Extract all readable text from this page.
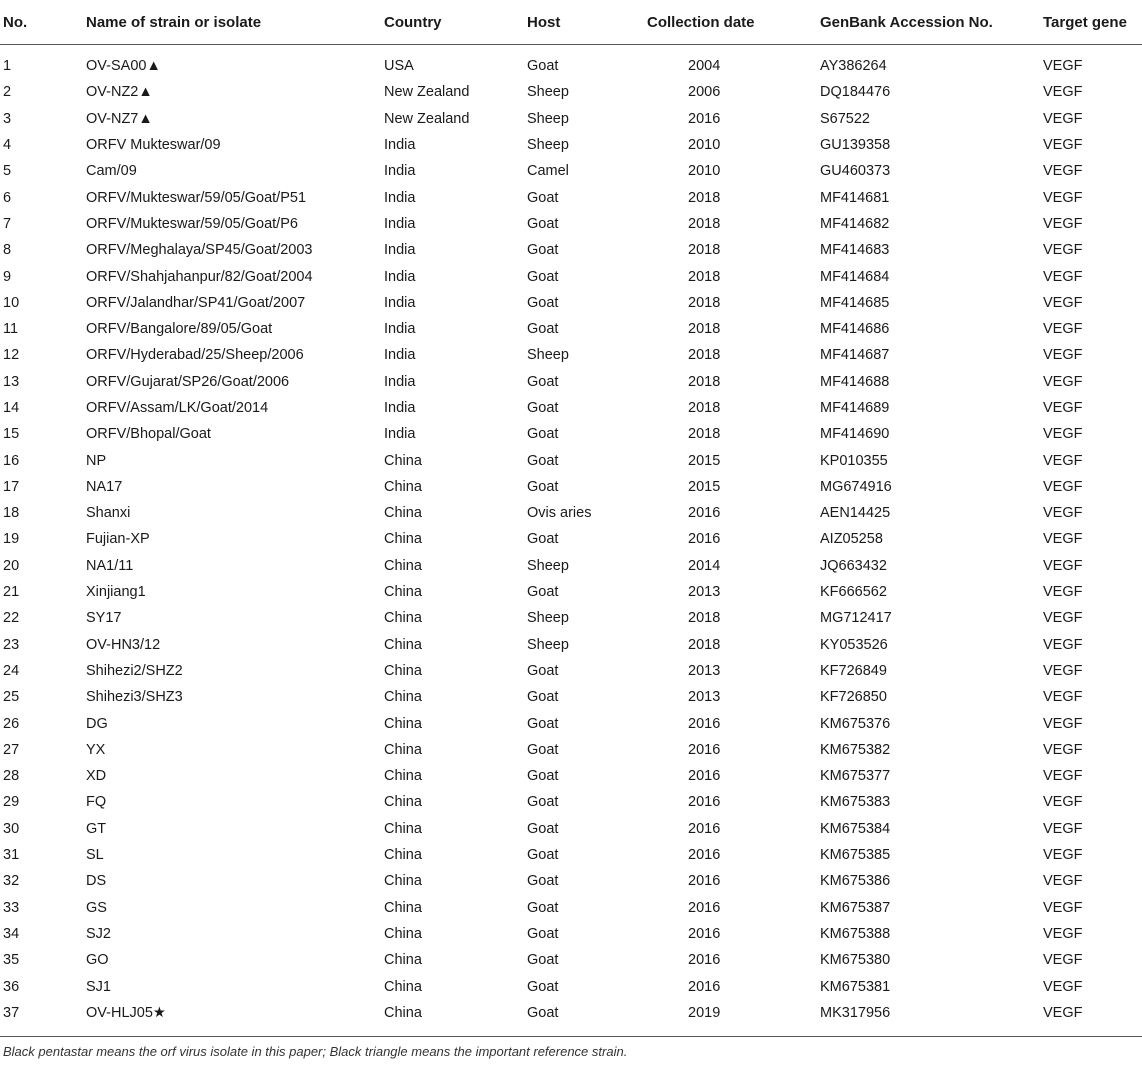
No.	Name of strain or isolate	Country	Host	Collection date	GenBank Accession No.	Target gene
1	OV-SA00▲	USA	Goat	2004	AY386264	VEGF
2	OV-NZ2▲	New Zealand	Sheep	2006	DQ184476	VEGF
3	OV-NZ7▲	New Zealand	Sheep	2016	S67522	VEGF
4	ORFV Mukteswar/09	India	Sheep	2010	GU139358	VEGF
5	Cam/09	India	Camel	2010	GU460373	VEGF
6	ORFV/Mukteswar/59/05/Goat/P51	India	Goat	2018	MF414681	VEGF
7	ORFV/Mukteswar/59/05/Goat/P6	India	Goat	2018	MF414682	VEGF
8	ORFV/Meghalaya/SP45/Goat/2003	India	Goat	2018	MF414683	VEGF
9	ORFV/Shahjahanpur/82/Goat/2004	India	Goat	2018	MF414684	VEGF
10	ORFV/Jalandhar/SP41/Goat/2007	India	Goat	2018	MF414685	VEGF
11	ORFV/Bangalore/89/05/Goat	India	Goat	2018	MF414686	VEGF
12	ORFV/Hyderabad/25/Sheep/2006	India	Sheep	2018	MF414687	VEGF
13	ORFV/Gujarat/SP26/Goat/2006	India	Goat	2018	MF414688	VEGF
14	ORFV/Assam/LK/Goat/2014	India	Goat	2018	MF414689	VEGF
15	ORFV/Bhopal/Goat	India	Goat	2018	MF414690	VEGF
16	NP	China	Goat	2015	KP010355	VEGF
17	NA17	China	Goat	2015	MG674916	VEGF
18	Shanxi	China	Ovis aries	2016	AEN14425	VEGF
19	Fujian-XP	China	Goat	2016	AIZ05258	VEGF
20	NA1/11	China	Sheep	2014	JQ663432	VEGF
21	Xinjiang1	China	Goat	2013	KF666562	VEGF
22	SY17	China	Sheep	2018	MG712417	VEGF
23	OV-HN3/12	China	Sheep	2018	KY053526	VEGF
24	Shihezi2/SHZ2	China	Goat	2013	KF726849	VEGF
25	Shihezi3/SHZ3	China	Goat	2013	KF726850	VEGF
26	DG	China	Goat	2016	KM675376	VEGF
27	YX	China	Goat	2016	KM675382	VEGF
28	XD	China	Goat	2016	KM675377	VEGF
29	FQ	China	Goat	2016	KM675383	VEGF
30	GT	China	Goat	2016	KM675384	VEGF
31	SL	China	Goat	2016	KM675385	VEGF
32	DS	China	Goat	2016	KM675386	VEGF
33	GS	China	Goat	2016	KM675387	VEGF
34	SJ2	China	Goat	2016	KM675388	VEGF
35	GO	China	Goat	2016	KM675380	VEGF
36	SJ1	China	Goat	2016	KM675381	VEGF
37	OV-HLJ05★	China	Goat	2019	MK317956	VEGF
Black pentastar means the orf virus isolate in this paper; Black triangle means the important reference strain.
